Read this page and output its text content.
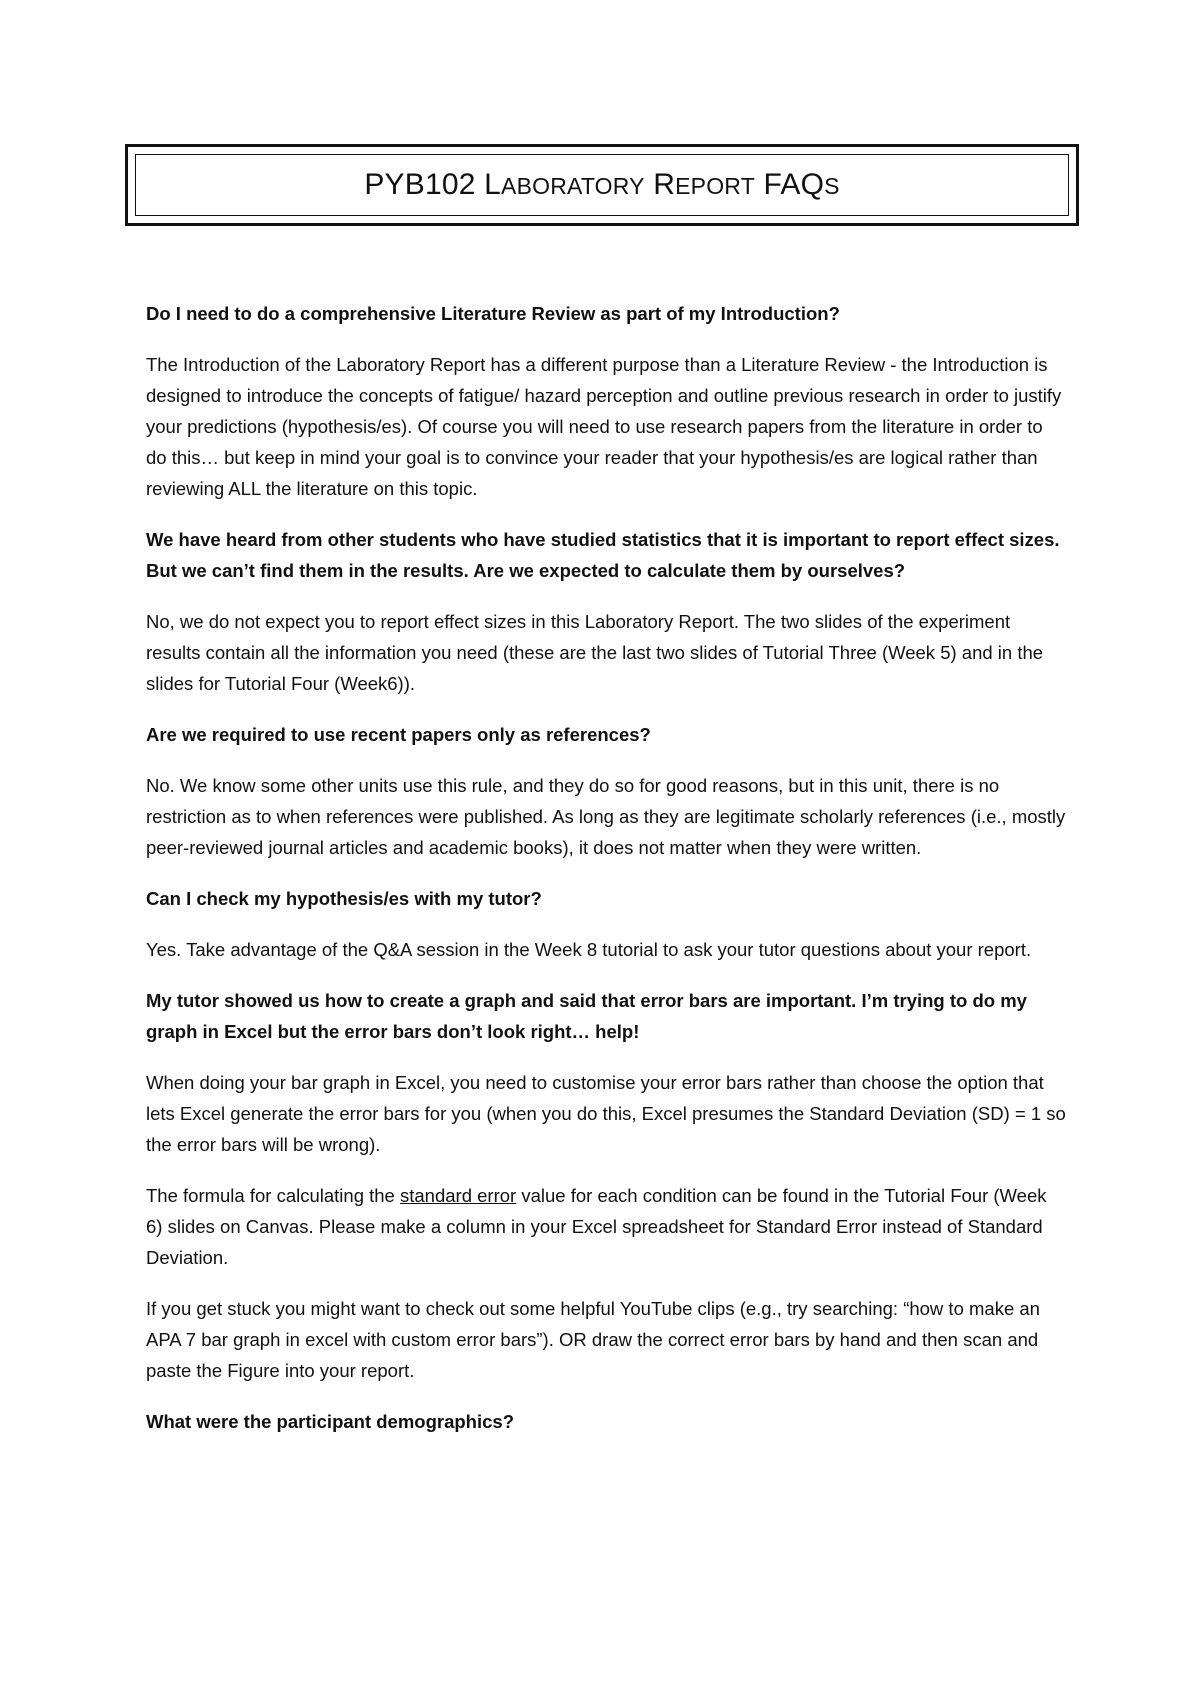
PYB102 LABORATORY REPORT FAQS

Do I need to do a comprehensive Literature Review as part of my Introduction?

The Introduction of the Laboratory Report has a different purpose than a Literature Review - the Introduction is designed to introduce the concepts of fatigue/ hazard perception and outline previous research in order to justify your predictions (hypothesis/es). Of course you will need to use research papers from the literature in order to do this… but keep in mind your goal is to convince your reader that your hypothesis/es are logical rather than reviewing ALL the literature on this topic.

We have heard from other students who have studied statistics that it is important to report effect sizes. But we can’t find them in the results. Are we expected to calculate them by ourselves?

No, we do not expect you to report effect sizes in this Laboratory Report. The two slides of the experiment results contain all the information you need (these are the last two slides of Tutorial Three (Week 5) and in the slides for Tutorial Four (Week6)).

Are we required to use recent papers only as references?

No. We know some other units use this rule, and they do so for good reasons, but in this unit, there is no restriction as to when references were published. As long as they are legitimate scholarly references (i.e., mostly peer-reviewed journal articles and academic books), it does not matter when they were written.

Can I check my hypothesis/es with my tutor?

Yes. Take advantage of the Q&A session in the Week 8 tutorial to ask your tutor questions about your report.

My tutor showed us how to create a graph and said that error bars are important. I’m trying to do my graph in Excel but the error bars don’t look right… help!

When doing your bar graph in Excel, you need to customise your error bars rather than choose the option that lets Excel generate the error bars for you (when you do this, Excel presumes the Standard Deviation (SD) = 1 so the error bars will be wrong).

The formula for calculating the standard error value for each condition can be found in the Tutorial Four (Week 6) slides on Canvas. Please make a column in your Excel spreadsheet for Standard Error instead of Standard Deviation.

If you get stuck you might want to check out some helpful YouTube clips (e.g., try searching: “how to make an APA 7 bar graph in excel with custom error bars”). OR draw the correct error bars by hand and then scan and paste the Figure into your report.

What were the participant demographics?
